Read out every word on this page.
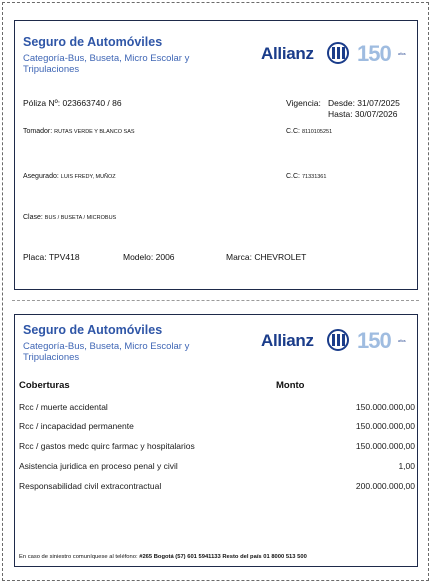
Seguro de Automóviles
Categoría-Bus, Buseta, Micro Escolar y Tripulaciones
Allianz 150 años
Póliza Nº: 023663740 / 86	Vigencia: Desde: 31/07/2025
Hasta: 30/07/2026
Tomador: RUTAS VERDE Y BLANCO SAS	C.C: 8110105251
Asegurado: LUIS FREDY, MUÑOZ	C.C: 71331361
Clase: BUS / BUSETA / MICROBUS
Placa: TPV418	Modelo: 2006	Marca: CHEVROLET
Seguro de Automóviles
Categoría-Bus, Buseta, Micro Escolar y Tripulaciones
Allianz 150 años
Coberturas	Monto
Rcc / muerte accidental	150.000.000,00
Rcc / incapacidad permanente	150.000.000,00
Rcc / gastos medc quirc farmac y hospitalarios	150.000.000,00
Asistencia juridica en proceso penal y civil	1,00
Responsabilidad civil extracontractual	200.000.000,00
En caso de siniestro comuníquese al teléfono: #265 Bogotá (57) 601 5941133 Resto del país 01 8000 513 500
